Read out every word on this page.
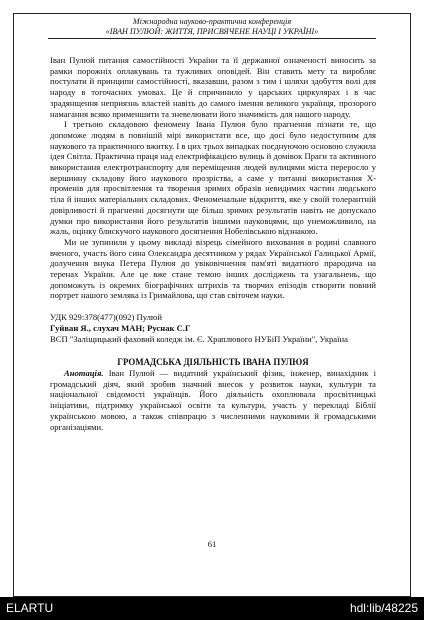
Міжнародна науково-практична конференція
«ІВАН ПУЛЮЙ: ЖИТТЯ, ПРИСВЯЧЕНЕ НАУЦІ І УКРАЇНІ»

Іван Пулюй питання самостійності України та її державної означеності виносить за рамки порожніх оплакувань та тужливих оповідей. Він ставить мету та виробляє постулати й принципи самостійності, вказавши, разом з тим і шляхи здобуття волі для народу в тогочасних умовах. Це й спричинило у царських циркулярах і в час зрадянщення неприязнь властей навіть до самого імення великого українця, прозорого намагання всяко применшити та зневелювати його значимість для нашого народу.

І третьою складовою феномену Івана Пулюя було прагнення пізнати те, що допоможе людям в повнішій мірі використати все, що досі було недоступним для наукового та практичного вжитку. І в цих трьох випадках поєднуючою основою служила ідея Світла. Практична праця над електрифікацією вулиць й домівок Праги та активного використання електротранспорту для переміщення людей вулицями міста переросло у вершинну складову його наукового прозріства, а саме у питанні використання Х-променів для просвітлення та творення зримих образів невидимих частин людського тіла й інших матеріальних складових. Феноменальне відкриття, яке у своїй толерантній довірливості й прагненні досягнути ще більш зримих результатів навіть не допускало думки про використання його результатів іншими науковцями, що унеможливило, на жаль, оцінку блискучого наукового досягнення Нобелівською відзнакою.

Ми не зупинили у цьому викладі візрець сімейного виховання в родині славного вченого, участь його сина Олександра десятником у рядах Української Галицької Армії, долучення внука Петера Пулюя до увіковічнення пам'яті видатного прародича на теренах України. Але це вже стане темою інших досліджень та узагальнень, що допоможуть із окремих біографічних штрихів та творчих епізодів створити повний портрет нашого земляка із Гримайлова, що став світочем науки.

УДК 929:378(477)(092) Пулюй

Гуйван Я., слухач МАН; Руснак С.Г

ВСП "Заліщицький фаховий коледж ім. Є. Храплювого НУБіП України", Україна

ГРОМАДСЬКА ДІЯЛЬНІСТЬ ІВАНА ПУЛЮЯ

Анотація. Іван Пулюй — видатний український фізик, інженер, винахідник і громадський діяч, який зробив значний внесок у розвиток науки, культури та національної свідомості українців. Його діяльність охоплювала просвітницькі ініціативи, підтримку української освіти та культури, участь у перекладі Біблії українською мовою, а також співпрацю з численними науковими й громадськими організаціями.

61
ELARTU	hdl:lib/48225
